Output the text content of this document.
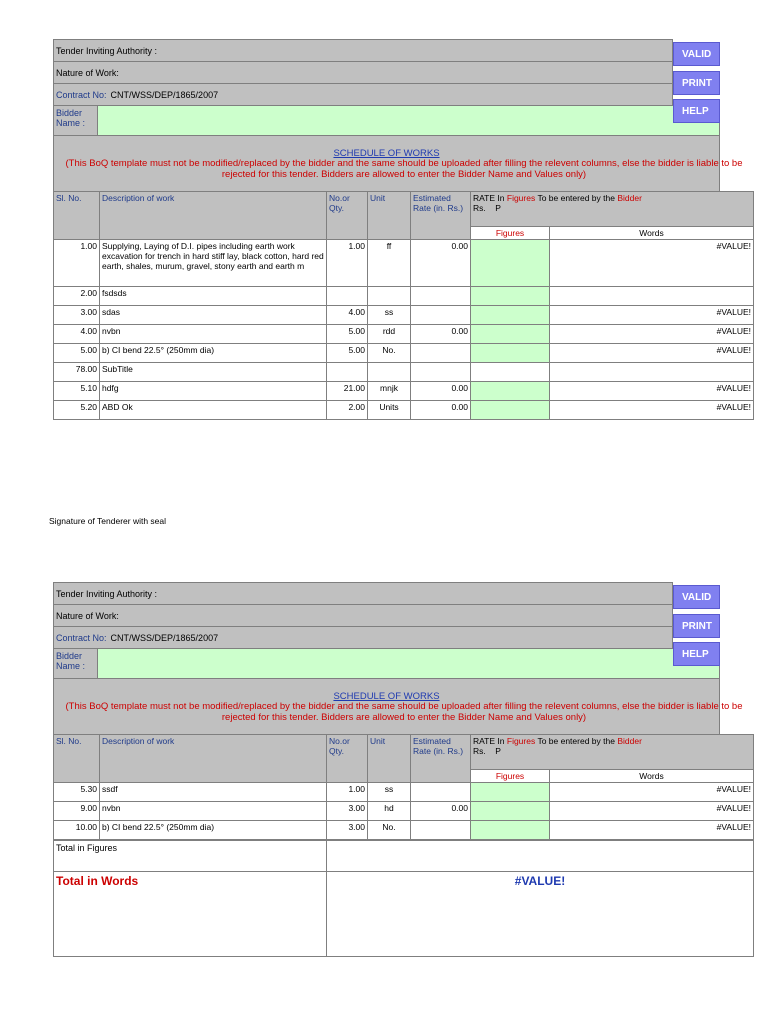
Tender Inviting Authority :
Nature of Work:
Contract No: CNT/WSS/DEP/1865/2007
Bidder
Name :
VALID
PRINT
HELP
SCHEDULE OF WORKS
(This BoQ template must not be modified/replaced by the bidder and the same should be uploaded after filling the relevent columns, else the bidder is liable to be rejected for this tender. Bidders are allowed to enter the Bidder Name and Values only)
Sl. No.	Description of work	No.or Qty.	Unit	Estimated Rate (in. Rs.)	RATE In Figures To be entered by the Bidder
Rs. P	
					Figures	Words
1.00	Supplying, Laying of D.I. pipes including earth work excavation for trench in hard stiff lay, black cotton, hard red earth, shales, murum, gravel, stony earth and earth m	1.00	ff	0.00		#VALUE!
2.00	fsdsds					
3.00	sdas	4.00	ss			#VALUE!
4.00	nvbn	5.00	rdd	0.00		#VALUE!
5.00	b) CI bend 22.5° (250mm dia)	5.00	No.			#VALUE!
78.00	SubTitle					
5.10	hdfg	21.00	mnjk	0.00		#VALUE!
5.20	ABD Ok	2.00	Units	0.00		#VALUE!
Signature of Tenderer with seal
Tender Inviting Authority :
Nature of Work:
Contract No: CNT/WSS/DEP/1865/2007
Bidder
Name :
VALID
PRINT
HELP
SCHEDULE OF WORKS
(This BoQ template must not be modified/replaced by the bidder and the same should be uploaded after filling the relevent columns, else the bidder is liable to be rejected for this tender. Bidders are allowed to enter the Bidder Name and Values only)
Sl. No.	Description of work	No.or Qty.	Unit	Estimated Rate (in. Rs.)	RATE In Figures To be entered by the Bidder
Rs. P	
					Figures	Words
5.30	ssdf	1.00	ss			#VALUE!
9.00	nvbn	3.00	hd	0.00		#VALUE!
10.00	b) CI bend 22.5° (250mm dia)	3.00	No.			#VALUE!
Total in Figures	
Total in Words	#VALUE!
